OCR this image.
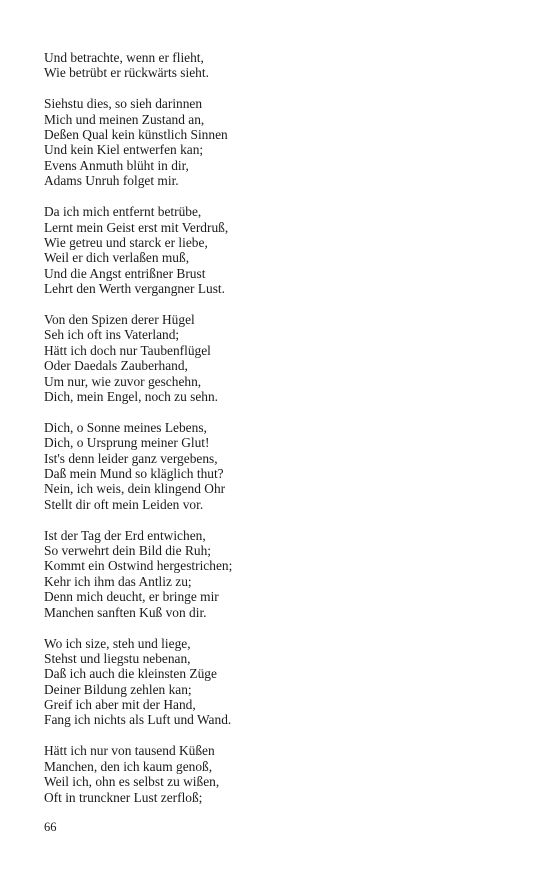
Und betrachte, wenn er flieht,
Wie betrübt er rückwärts sieht.
Siehstu dies, so sieh darinnen
Mich und meinen Zustand an,
Deßen Qual kein künstlich Sinnen
Und kein Kiel entwerfen kan;
Evens Anmuth blüht in dir,
Adams Unruh folget mir.
Da ich mich entfernt betrübe,
Lernt mein Geist erst mit Verdruß,
Wie getreu und starck er liebe,
Weil er dich verlaßen muß,
Und die Angst entrißner Brust
Lehrt den Werth vergangner Lust.
Von den Spizen derer Hügel
Seh ich oft ins Vaterland;
Hätt ich doch nur Taubenflügel
Oder Daedals Zauberhand,
Um nur, wie zuvor geschehn,
Dich, mein Engel, noch zu sehn.
Dich, o Sonne meines Lebens,
Dich, o Ursprung meiner Glut!
Ist's denn leider ganz vergebens,
Daß mein Mund so kläglich thut?
Nein, ich weis, dein klingend Ohr
Stellt dir oft mein Leiden vor.
Ist der Tag der Erd entwichen,
So verwehrt dein Bild die Ruh;
Kommt ein Ostwind hergestrichen;
Kehr ich ihm das Antliz zu;
Denn mich deucht, er bringe mir
Manchen sanften Kuß von dir.
Wo ich size, steh und liege,
Stehst und liegstu nebenan,
Daß ich auch die kleinsten Züge
Deiner Bildung zehlen kan;
Greif ich aber mit der Hand,
Fang ich nichts als Luft und Wand.
Hätt ich nur von tausend Küßen
Manchen, den ich kaum genoß,
Weil ich, ohn es selbst zu wißen,
Oft in trunckner Lust zerfloß;
66
